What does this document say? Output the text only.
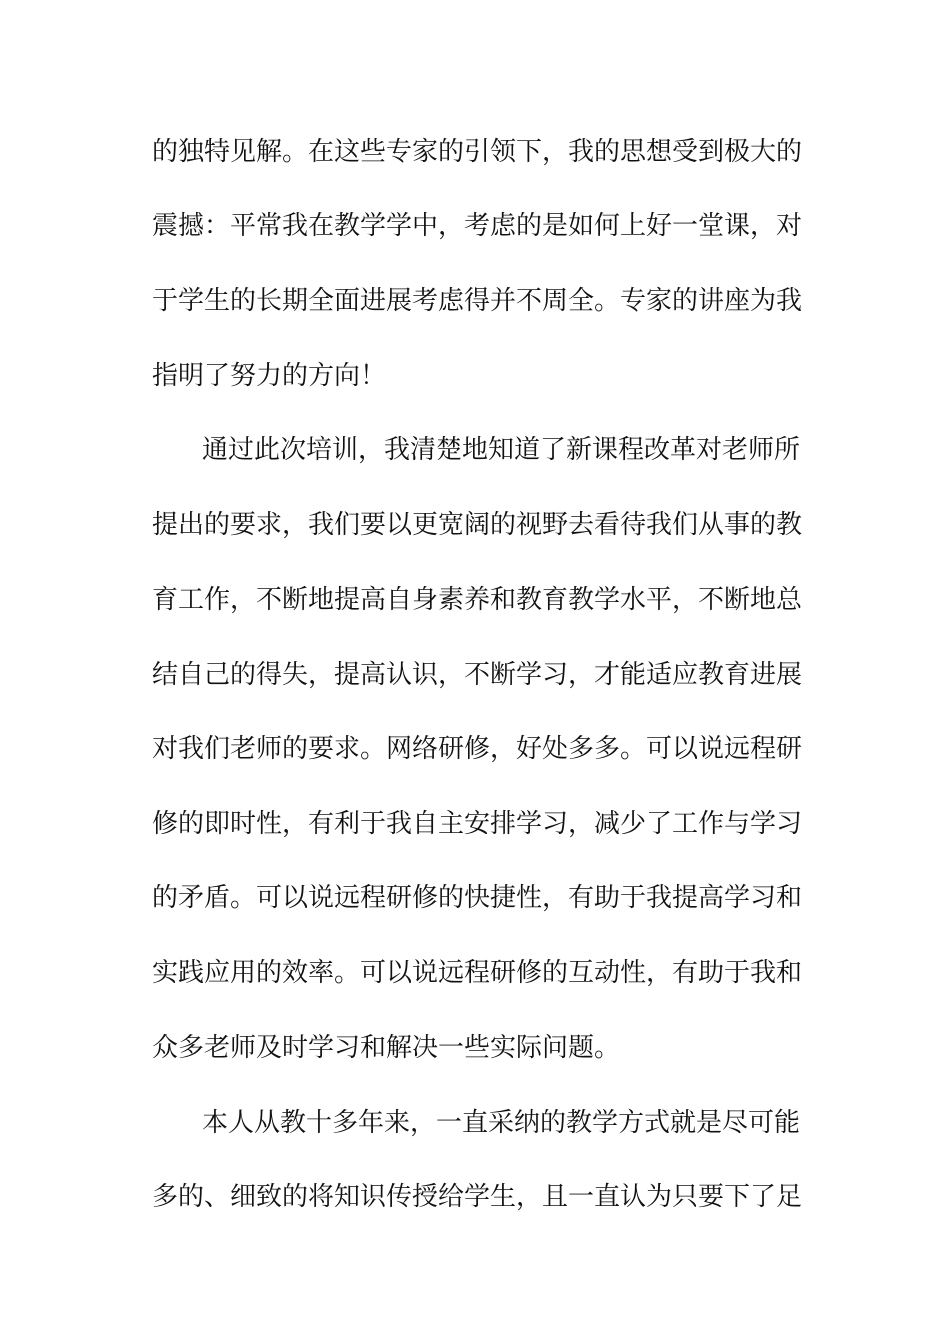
的独特见解。在这些专家的引领下，我的思想受到极大的
震撼：平常我在教学学中，考虑的是如何上好一堂课，对
于学生的长期全面进展考虑得并不周全。专家的讲座为我
指明了努力的方向！
通过此次培训，我清楚地知道了新课程改革对老师所
提出的要求，我们要以更宽阔的视野去看待我们从事的教
育工作，不断地提高自身素养和教育教学水平，不断地总
结自己的得失，提高认识，不断学习，才能适应教育进展
对我们老师的要求。网络研修，好处多多。可以说远程研
修的即时性，有利于我自主安排学习，减少了工作与学习
的矛盾。可以说远程研修的快捷性，有助于我提高学习和
实践应用的效率。可以说远程研修的互动性，有助于我和
众多老师及时学习和解决一些实际问题。
本人从教十多年来，一直采纳的教学方式就是尽可能
多的、细致的将知识传授给学生，且一直认为只要下了足
